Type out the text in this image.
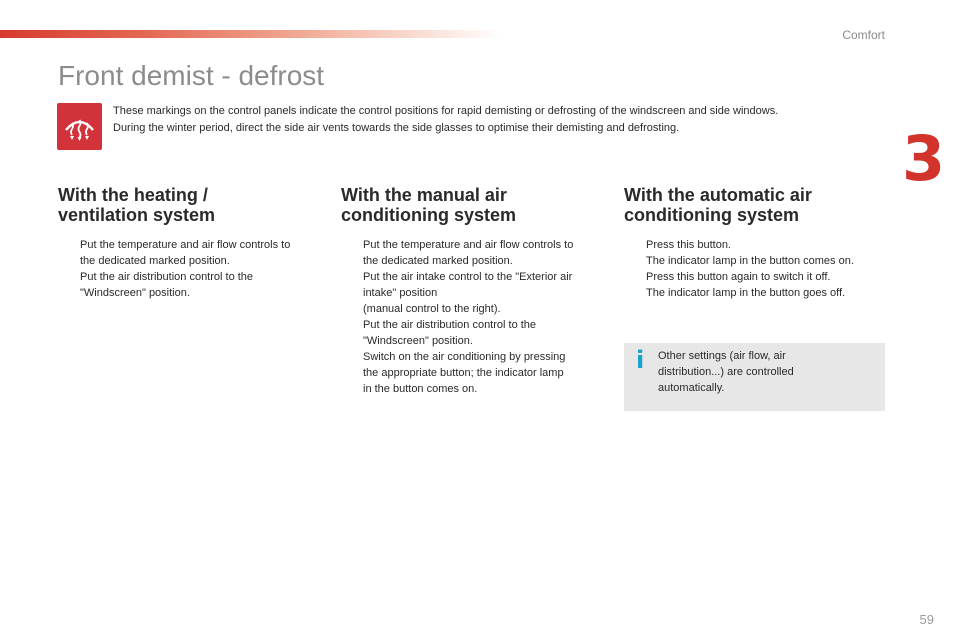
Comfort
3
Front demist - defrost

These markings on the control panels indicate the control positions for rapid demisting or defrosting of the windscreen and side windows.

During the winter period, direct the side air vents towards the side glasses to optimise their demisting and defrosting.

With the heating /
ventilation system
Put the temperature and air flow controls to
the dedicated marked position.
Put the air distribution control to the
"Windscreen" position.
With the manual air
conditioning system
Put the temperature and air flow controls to
the dedicated marked position.
Put the air intake control to the "Exterior air
intake" position
(manual control to the right).
Put the air distribution control to the
"Windscreen" position.
Switch on the air conditioning by pressing
the appropriate button; the indicator lamp
in the button comes on.
With the automatic air
conditioning system
Press this button.
The indicator lamp in the button comes on.
Press this button again to switch it off.
The indicator lamp in the button goes off.
i Other settings (air flow, air
distribution...) are controlled
automatically.
59
